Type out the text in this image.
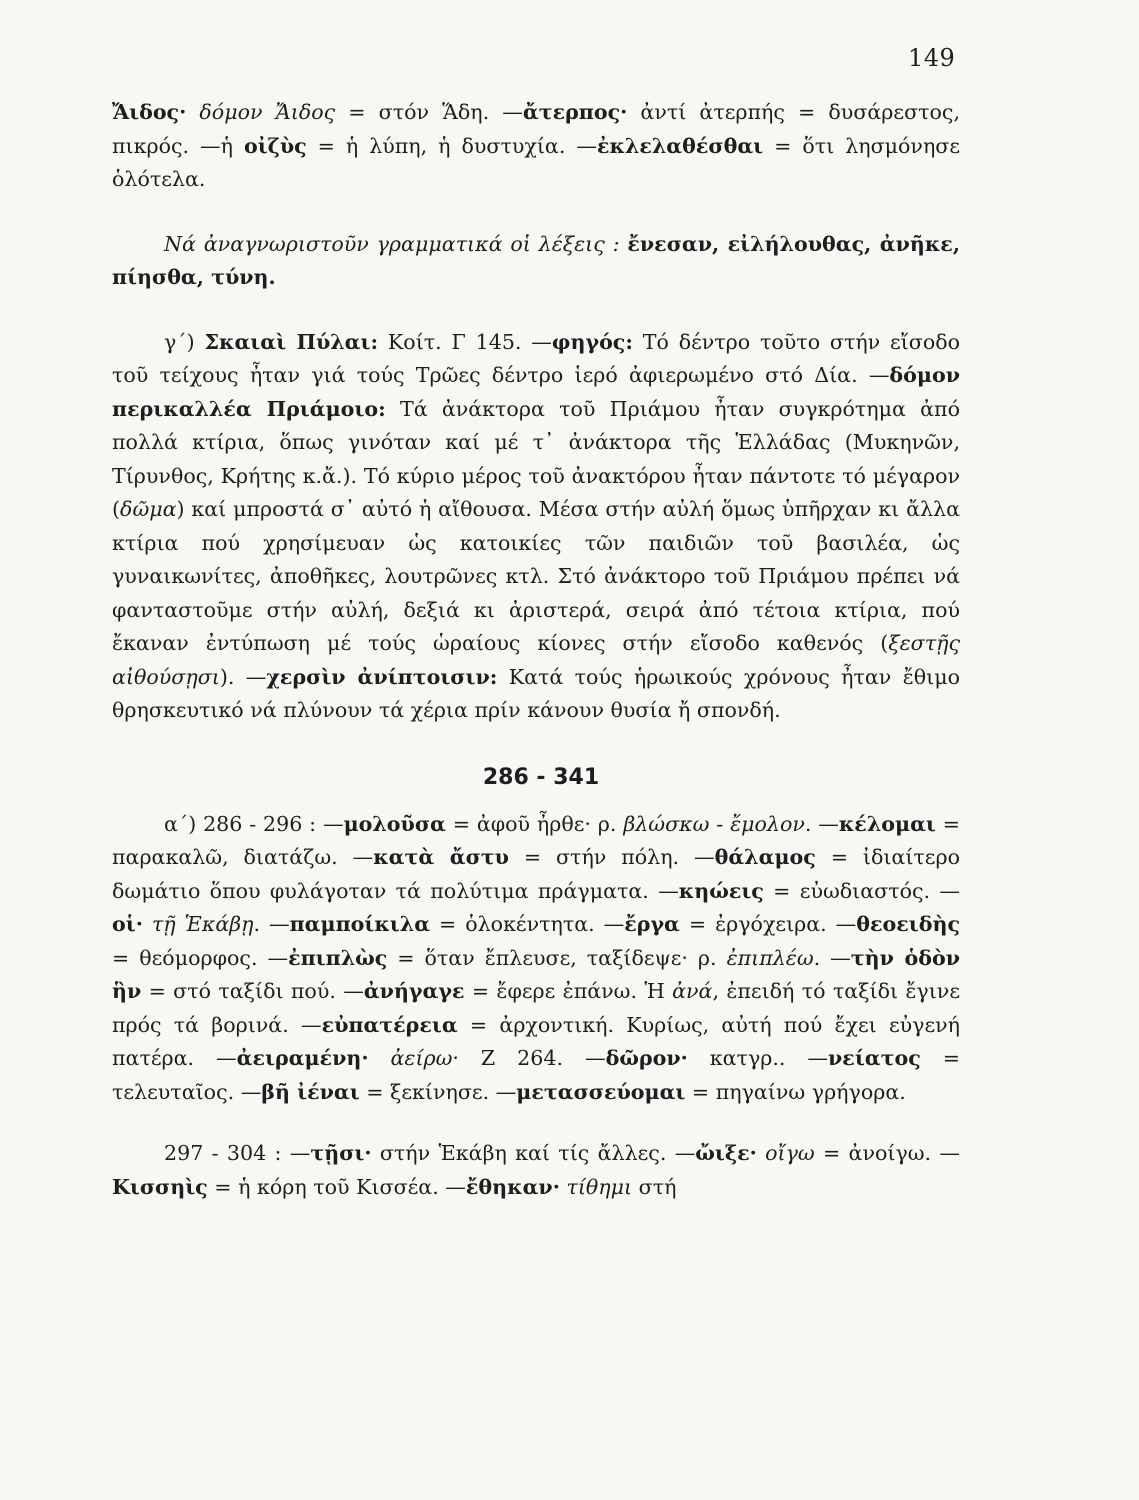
149

Ἄιδος· δόμον Ἄιδος = στόν Ἅδη. —ἄτερπος· ἀντί ἀτερπής = δυσάρεστος, πικρός. —ἡ οἰζὺς = ἡ λύπη, ἡ δυστυχία. —ἐκλελαθέσθαι = ὅτι λησμόνησε ὁλότελα.

Νά ἀναγνωριστοῦν γραμματικά οἱ λέξεις : ἔνεσαν, εἰλήλουθας, ἀνῆκε, πίησθα, τύνη.

γ΄) Σκαιαὶ Πύλαι: Κοίτ. Γ 145. —φηγός: Τό δέντρο τοῦτο στήν εἴσοδο τοῦ τείχους ἦταν γιά τούς Τρῶες δέντρο ἱερό ἀφιερωμένο στό Δία. —δόμον περικαλλέα Πριάμοιο: Τά ἀνάκτορα τοῦ Πριάμου ἦταν συγκρότημα ἀπό πολλά κτίρια, ὅπως γινόταν καί μέ τ᾽ ἀνάκτορα τῆς Ἑλλάδας (Μυκηνῶν, Τίρυνθος, Κρήτης κ.ἄ.). Τό κύριο μέρος τοῦ ἀνακτόρου ἦταν πάντοτε τό μέγαρον (δῶμα) καί μπροστά σ᾽ αὐτό ἡ αἴθουσα. Μέσα στήν αὐλή ὅμως ὑπῆρχαν κι ἄλλα κτίρια πού χρησίμευαν ὡς κατοικίες τῶν παιδιῶν τοῦ βασιλέα, ὡς γυναικωνίτες, ἀποθῆκες, λουτρῶνες κτλ. Στό ἀνάκτορο τοῦ Πριάμου πρέπει νά φανταστοῦμε στήν αὐλή, δεξιά κι ἀριστερά, σειρά ἀπό τέτοια κτίρια, πού ἔκαναν ἐντύπωση μέ τούς ὡραίους κίονες στήν εἴσοδο καθενός (ξεστῇς αἰθούσῃσι). —χερσὶν ἀνίπτοισιν: Κατά τούς ἡρωικούς χρόνους ἦταν ἔθιμο θρησκευτικό νά πλύνουν τά χέρια πρίν κάνουν θυσία ἤ σπονδή.

286 - 341

α΄) 286 - 296 : —μολοῦσα = ἀφοῦ ἦρθε· ρ. βλώσκω - ἔμολον. —κέλομαι = παρακαλῶ, διατάζω. —κατὰ ἄστυ = στήν πόλη. —θάλαμος = ἰδιαίτερο δωμάτιο ὅπου φυλάγοταν τά πολύτιμα πράγματα. —κηώεις = εὐωδιαστός. —οἱ· τῇ Ἑκάβῃ. —παμποίκιλα = ὁλοκέντητα. —ἔργα = ἐργόχειρα. —θεοειδὴς = θεόμορφος. —ἐπιπλὼς = ὅταν ἔπλευσε, ταξίδεψε· ρ. ἐπιπλέω. —τὴν ὁδὸν ἣν = στό ταξίδι πού. —ἀνήγαγε = ἔφερε ἐπάνω. Ἡ ἀνά, ἐπειδή τό ταξίδι ἔγινε πρός τά βορινά. —εὐπατέρεια = ἀρχοντική. Κυρίως, αὐτή πού ἔχει εὐγενή πατέρα. —ἀειραμένη· ἀείρω· Ζ 264. —δῶρον· κατγρ.. —νείατος = τελευταῖος. —βῆ ἰέναι = ξεκίνησε. —μετασσεύομαι = πηγαίνω γρήγορα.

297 - 304 : —τῇσι· στήν Ἑκάβη καί τίς ἄλλες. —ὤιξε· οἴγω = ἀνοίγω. —Κισσηὶς = ἡ κόρη τοῦ Κισσέα. —ἔθηκαν· τίθημι στή
